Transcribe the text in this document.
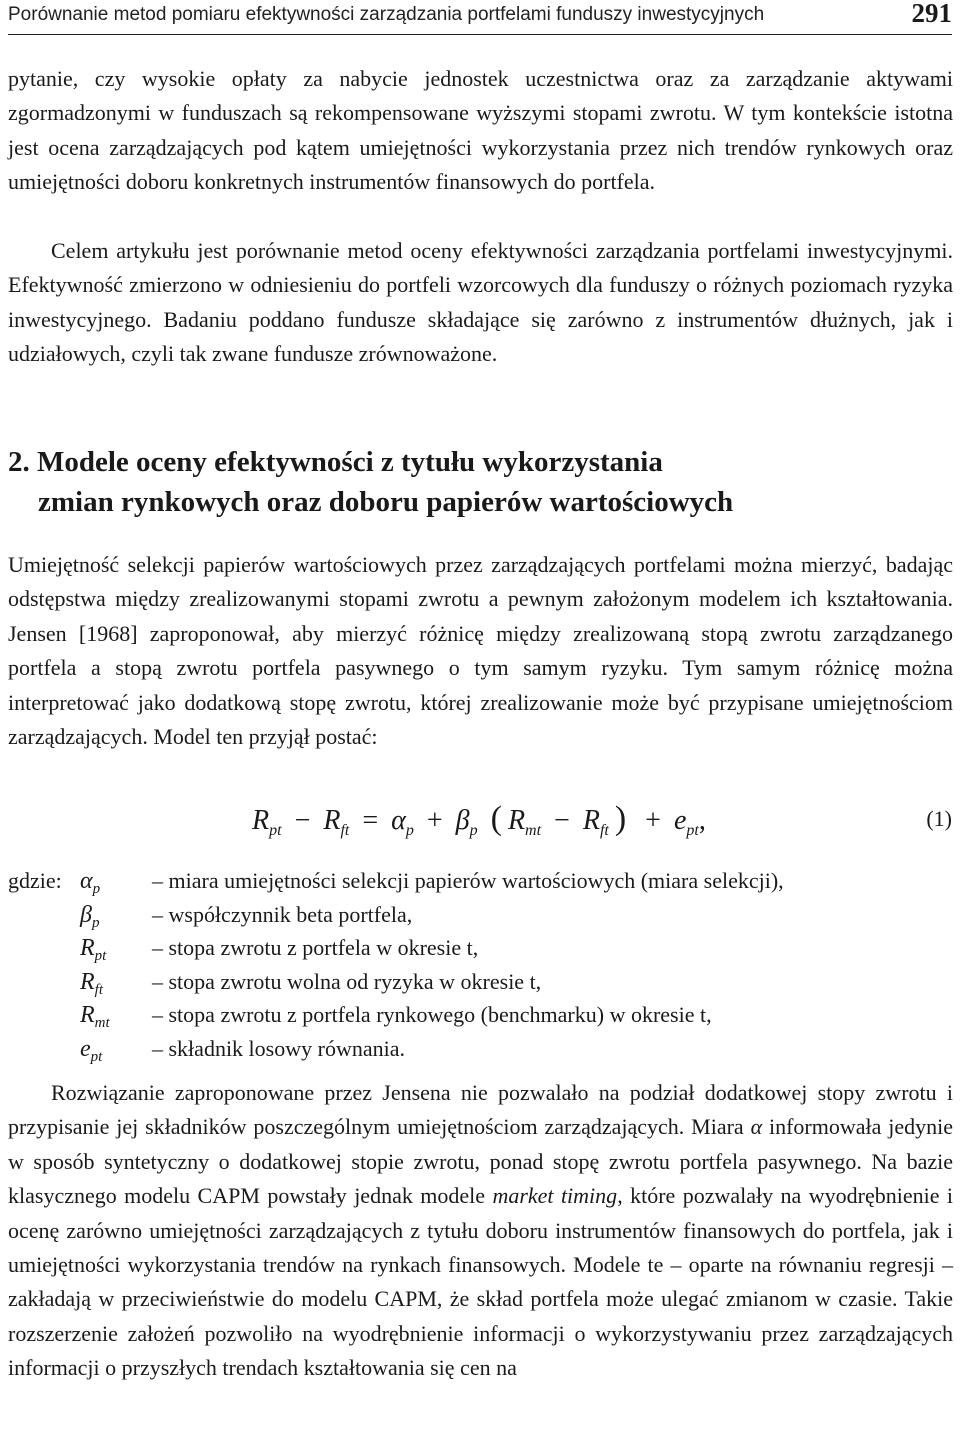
Porównanie metod pomiaru efektywności zarządzania portfelami funduszy inwestycyjnych	291

pytanie, czy wysokie opłaty za nabycie jednostek uczestnictwa oraz za zarządzanie aktywami zgormadzonymi w funduszach są rekompensowane wyższymi stopami zwrotu. W tym kontekście istotna jest ocena zarządzających pod kątem umiejętności wykorzystania przez nich trendów rynkowych oraz umiejętności doboru konkretnych instrumentów finansowych do portfela.

Celem artykułu jest porównanie metod oceny efektywności zarządzania portfelami inwestycyjnymi. Efektywność zmierzono w odniesieniu do portfeli wzorcowych dla funduszy o różnych poziomach ryzyka inwestycyjnego. Badaniu poddano fundusze składające się zarówno z instrumentów dłużnych, jak i udziałowych, czyli tak zwane fundusze zrównoważone.

2. Modele oceny efektywności z tytułu wykorzystania
zmian rynkowych oraz doboru papierów wartościowych

Umiejętność selekcji papierów wartościowych przez zarządzających portfelami można mierzyć, badając odstępstwa między zrealizowanymi stopami zwrotu a pewnym założonym modelem ich kształtowania. Jensen [1968] zaproponował, aby mierzyć różnicę między zrealizowaną stopą zwrotu zarządzanego portfela a stopą zwrotu portfela pasywnego o tym samym ryzyku. Tym samym różnicę można interpretować jako dodatkową stopę zwrotu, której zrealizowanie może być przypisane umiejętnościom zarządzających. Model ten przyjął postać:

$R_{pt} - R_{ft} = \alpha_p + \beta_p$ ( $R_{mt} - R_{ft}$ ) + $e_{pt}$,	(1)
gdzie: $\alpha_p$ – miara umiejętności selekcji papierów wartościowych (miara selekcji),
$\beta_p$ – współczynnik beta portfela,
$R_{pt}$ – stopa zwrotu z portfela w okresie t,
$R_{ft}$ – stopa zwrotu wolna od ryzyka w okresie t,
$R_{mt}$ – stopa zwrotu z portfela rynkowego (benchmarku) w okresie t,
$e_{pt}$ – składnik losowy równania.

Rozwiązanie zaproponowane przez Jensena nie pozwalało na podział dodatkowej stopy zwrotu i przypisanie jej składników poszczególnym umiejętnościom zarządzających. Miara α informowała jedynie w sposób syntetyczny o dodatkowej stopie zwrotu, ponad stopę zwrotu portfela pasywnego. Na bazie klasycznego modelu CAPM powstały jednak modele market timing, które pozwalały na wyodrębnienie i ocenę zarówno umiejętności zarządzających z tytułu doboru instrumentów finansowych do portfela, jak i umiejętności wykorzystania trendów na rynkach finansowych. Modele te – oparte na równaniu regresji – zakładają w przeciwieństwie do modelu CAPM, że skład portfela może ulegać zmianom w czasie. Takie rozszerzenie założeń pozwoliło na wyodrębnienie informacji o wykorzystywaniu przez zarządzających informacji o przyszłych trendach kształtowania się cen na
